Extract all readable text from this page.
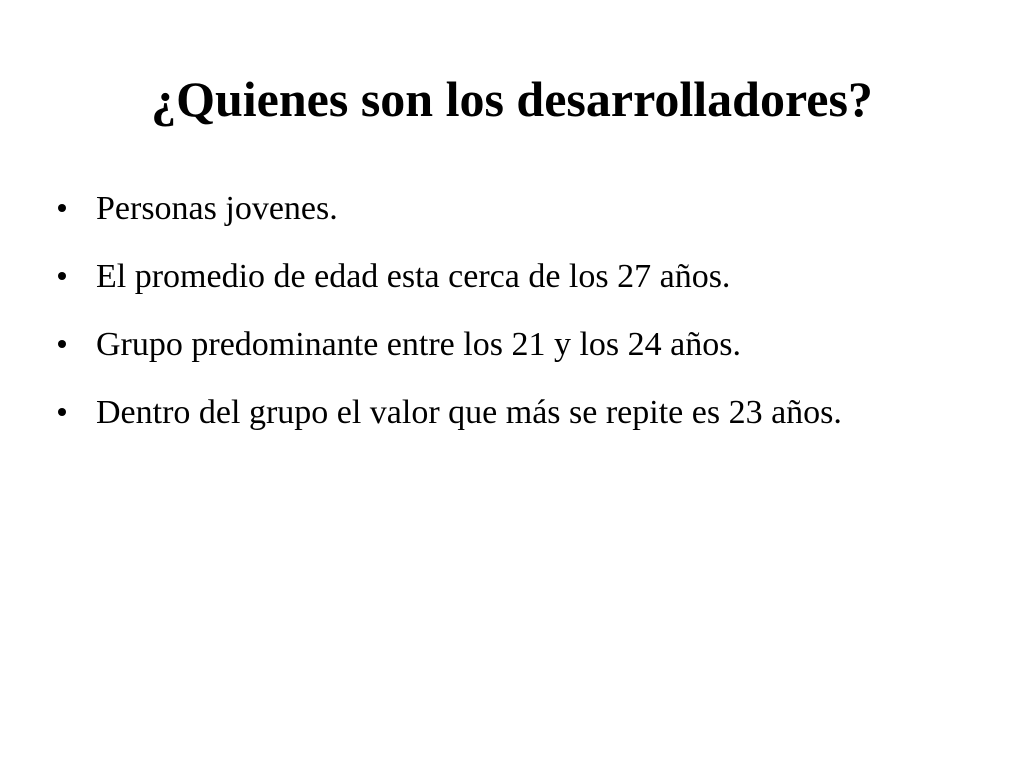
¿Quienes son los desarrolladores?
Personas jovenes.
El promedio de edad esta cerca de los 27 años.
Grupo predominante entre los 21 y los 24 años.
Dentro del grupo el valor que más se repite es 23 años.
